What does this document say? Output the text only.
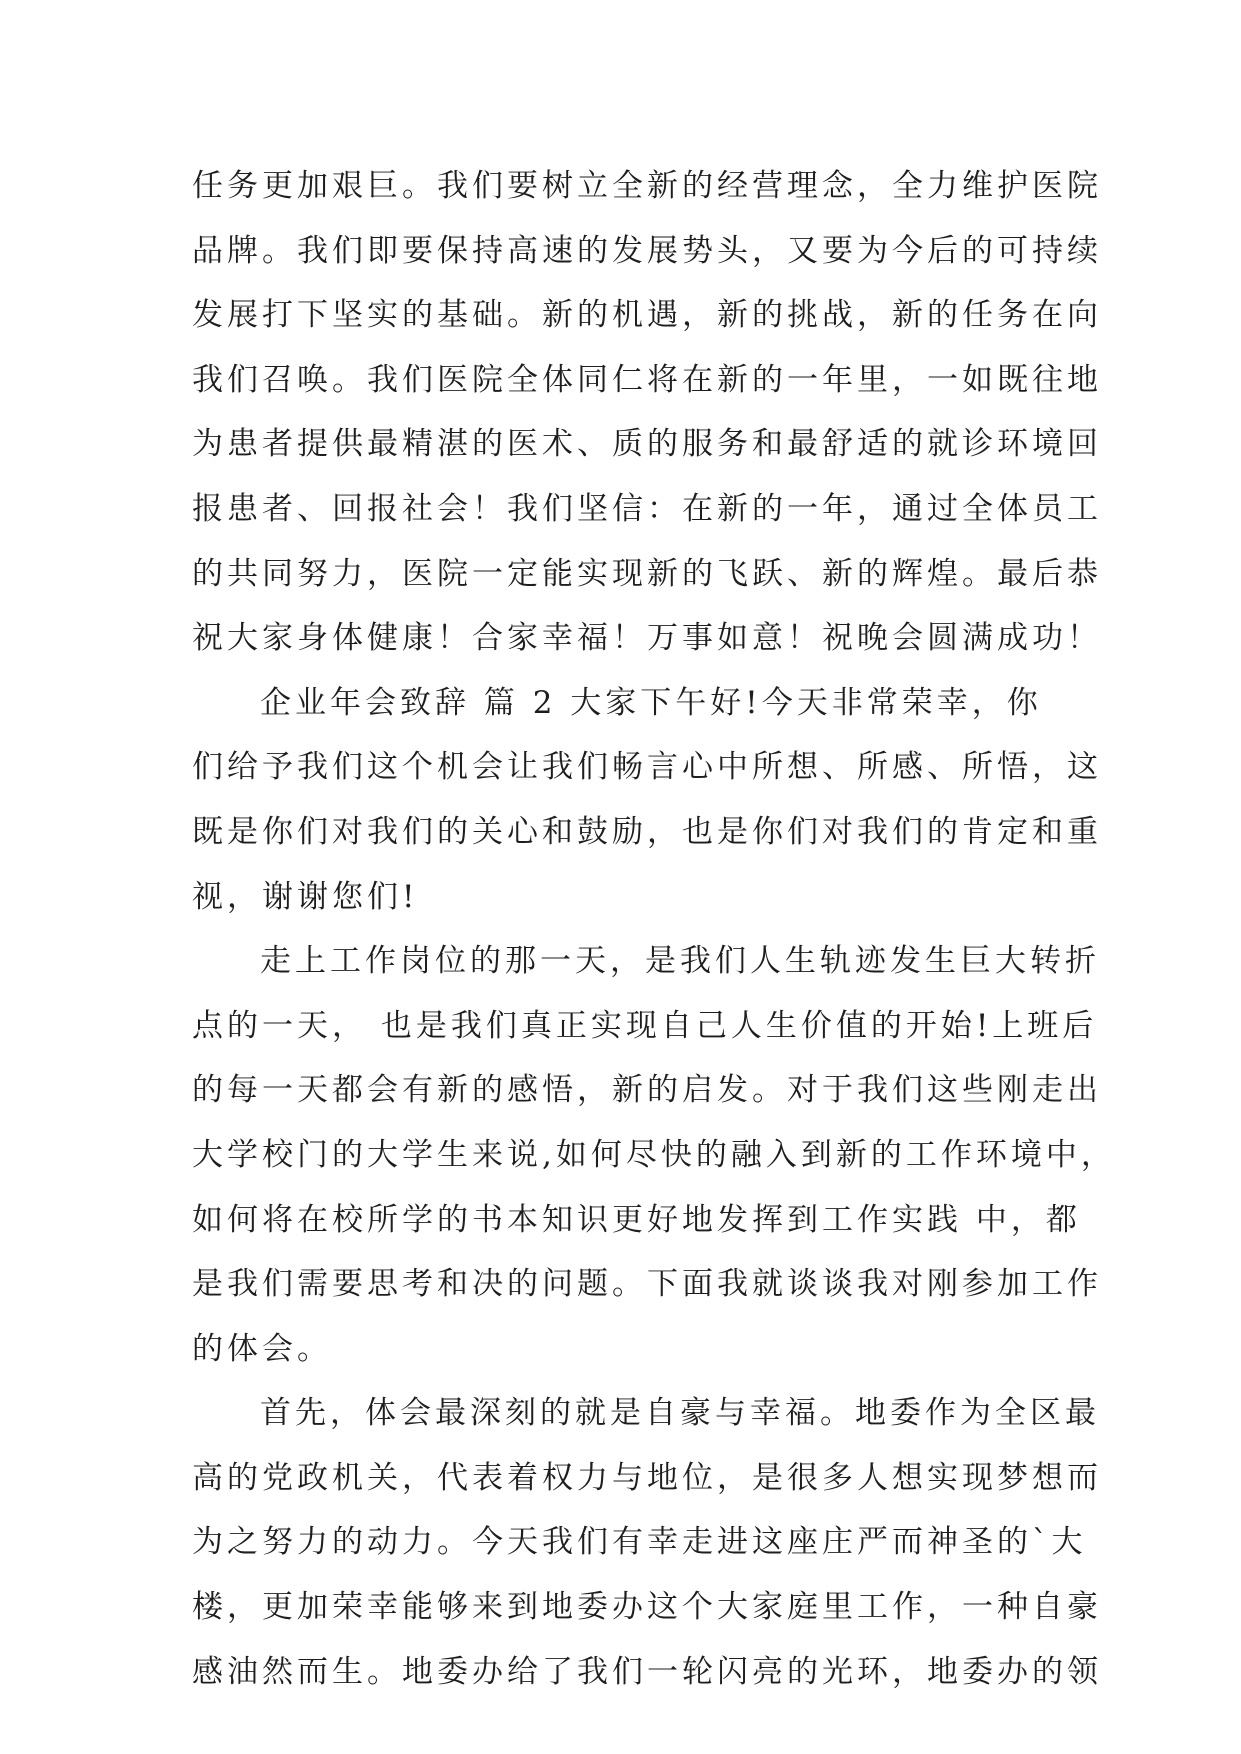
任务更加艰巨。我们要树立全新的经营理念，全力维护医院
品牌。我们即要保持高速的发展势头，又要为今后的可持续
发展打下坚实的基础。新的机遇，新的挑战，新的任务在向
我们召唤。我们医院全体同仁将在新的一年里，一如既往地
为患者提供最精湛的医术、质的服务和最舒适的就诊环境回
报患者、回报社会！我们坚信：在新的一年，通过全体员工
的共同努力，医院一定能实现新的飞跃、新的辉煌。最后恭
祝大家身体健康！合家幸福！万事如意！祝晚会圆满成功！
企业年会致辞 篇 2 大家下午好!今天非常荣幸，你
们给予我们这个机会让我们畅言心中所想、所感、所悟，这
既是你们对我们的关心和鼓励，也是你们对我们的肯定和重
视，谢谢您们!
走上工作岗位的那一天，是我们人生轨迹发生巨大转折
点的一天， 也是我们真正实现自己人生价值的开始!上班后
的每一天都会有新的感悟，新的启发。对于我们这些刚走出
大学校门的大学生来说,如何尽快的融入到新的工作环境中，
如何将在校所学的书本知识更好地发挥到工作实践 中，都
是我们需要思考和决的问题。下面我就谈谈我对刚参加工作
的体会。
首先，体会最深刻的就是自豪与幸福。地委作为全区最
高的党政机关，代表着权力与地位，是很多人想实现梦想而
为之努力的动力。今天我们有幸走进这座庄严而神圣的`大
楼，更加荣幸能够来到地委办这个大家庭里工作，一种自豪
感油然而生。地委办给了我们一轮闪亮的光环，地委办的领
